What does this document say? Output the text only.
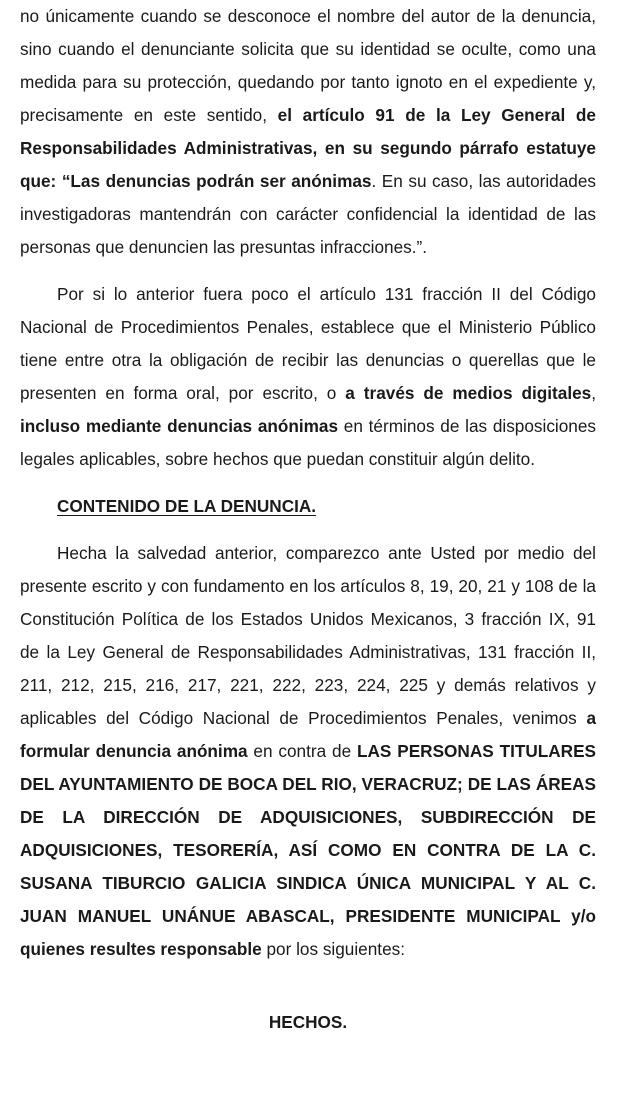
no únicamente cuando se desconoce el nombre del autor de la denuncia, sino cuando el denunciante solicita que su identidad se oculte, como una medida para su protección, quedando por tanto ignoto en el expediente y, precisamente en este sentido, el artículo 91 de la Ley General de Responsabilidades Administrativas, en su segundo párrafo estatuye que: “Las denuncias podrán ser anónimas. En su caso, las autoridades investigadoras mantendrán con carácter confidencial la identidad de las personas que denuncien las presuntas infracciones.”.

Por si lo anterior fuera poco el artículo 131 fracción II del Código Nacional de Procedimientos Penales, establece que el Ministerio Público tiene entre otra la obligación de recibir las denuncias o querellas que le presenten en forma oral, por escrito, o a través de medios digitales, incluso mediante denuncias anónimas en términos de las disposiciones legales aplicables, sobre hechos que puedan constituir algún delito.

CONTENIDO DE LA DENUNCIA.

Hecha la salvedad anterior, comparezco ante Usted por medio del presente escrito y con fundamento en los artículos 8, 19, 20, 21 y 108 de la Constitución Política de los Estados Unidos Mexicanos, 3 fracción IX, 91 de la Ley General de Responsabilidades Administrativas, 131 fracción II, 211, 212, 215, 216, 217, 221, 222, 223, 224, 225 y demás relativos y aplicables del Código Nacional de Procedimientos Penales, venimos a formular denuncia anónima en contra de LAS PERSONAS TITULARES DEL AYUNTAMIENTO DE BOCA DEL RIO, VERACRUZ; DE LAS ÁREAS DE LA DIRECCIÓN DE ADQUISICIONES, SUBDIRECCIÓN DE ADQUISICIONES, TESORERÍA, ASÍ COMO EN CONTRA DE LA C. SUSANA TIBURCIO GALICIA SINDICA ÚNICA MUNICIPAL Y AL C. JUAN MANUEL UNÁNUE ABASCAL, PRESIDENTE MUNICIPAL y/o quienes resultes responsable por los siguientes:

HECHOS.
